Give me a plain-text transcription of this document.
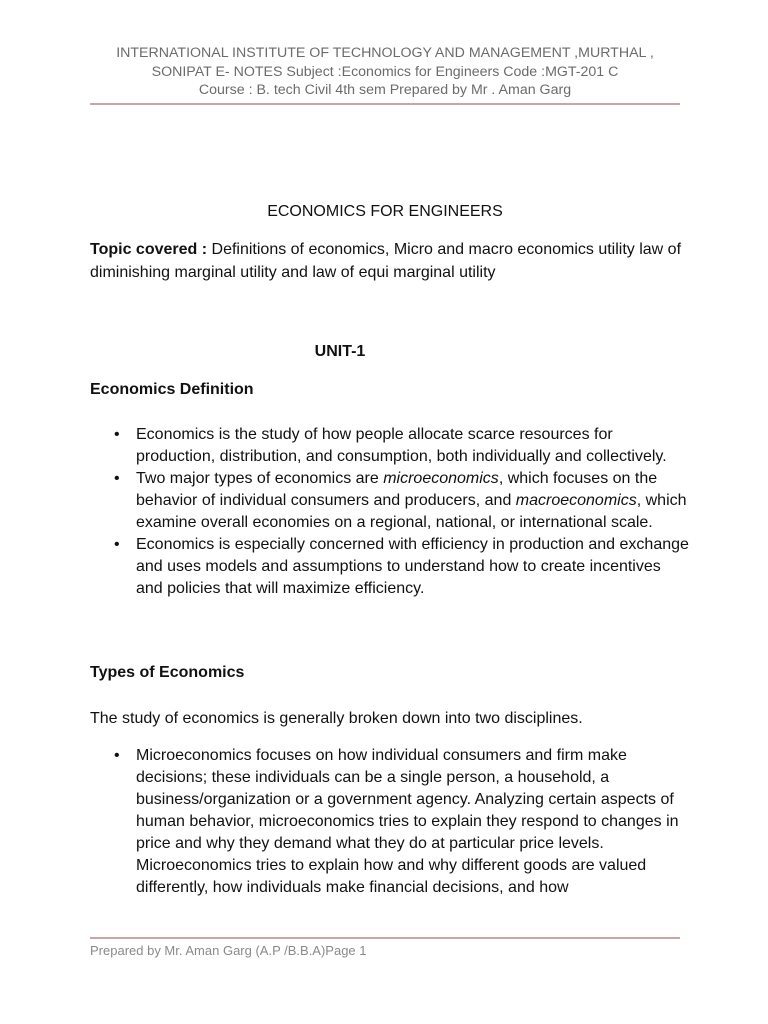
INTERNATIONAL INSTITUTE OF TECHNOLOGY AND MANAGEMENT ,MURTHAL ,
SONIPAT E- NOTES Subject :Economics for Engineers Code :MGT-201 C
Course : B. tech Civil 4th sem Prepared by Mr . Aman Garg
ECONOMICS FOR ENGINEERS
Topic covered : Definitions of economics, Micro and macro economics utility law of diminishing marginal utility and law of equi marginal utility
UNIT-1
Economics Definition
• Economics is the study of how people allocate scarce resources for production, distribution, and consumption, both individually and collectively.
• Two major types of economics are microeconomics, which focuses on the behavior of individual consumers and producers, and macroeconomics, which examine overall economies on a regional, national, or international scale.
• Economics is especially concerned with efficiency in production and exchange and uses models and assumptions to understand how to create incentives and policies that will maximize efficiency.
Types of Economics
The study of economics is generally broken down into two disciplines.
• Microeconomics focuses on how individual consumers and firm make decisions; these individuals can be a single person, a household, a business/organization or a government agency. Analyzing certain aspects of human behavior, microeconomics tries to explain they respond to changes in price and why they demand what they do at particular price levels. Microeconomics tries to explain how and why different goods are valued differently, how individuals make financial decisions, and how
Prepared by Mr. Aman Garg (A.P /B.B.A)Page 1
